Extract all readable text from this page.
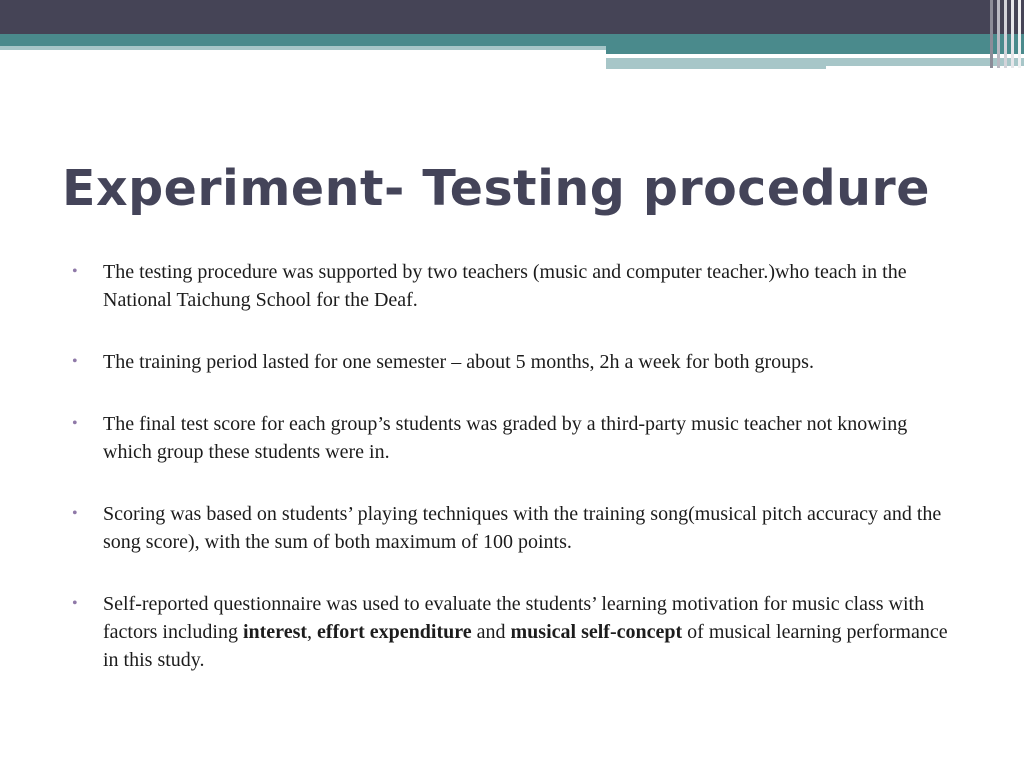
Experiment- Testing procedure
• The testing procedure was supported by two teachers (music and computer teacher.)who teach in the National Taichung School for the Deaf.
• The training period lasted for one semester – about 5 months, 2h a week for both groups.
• The final test score for each group’s students was graded by a third-party music teacher not knowing which group these students were in.
• Scoring was based on students’ playing techniques with the training song(musical pitch accuracy and the song score), with the sum of both maximum of 100 points.
• Self-reported questionnaire was used to evaluate the students’ learning motivation for music class with factors including interest, effort expenditure and musical self-concept of musical learning performance in this study.
